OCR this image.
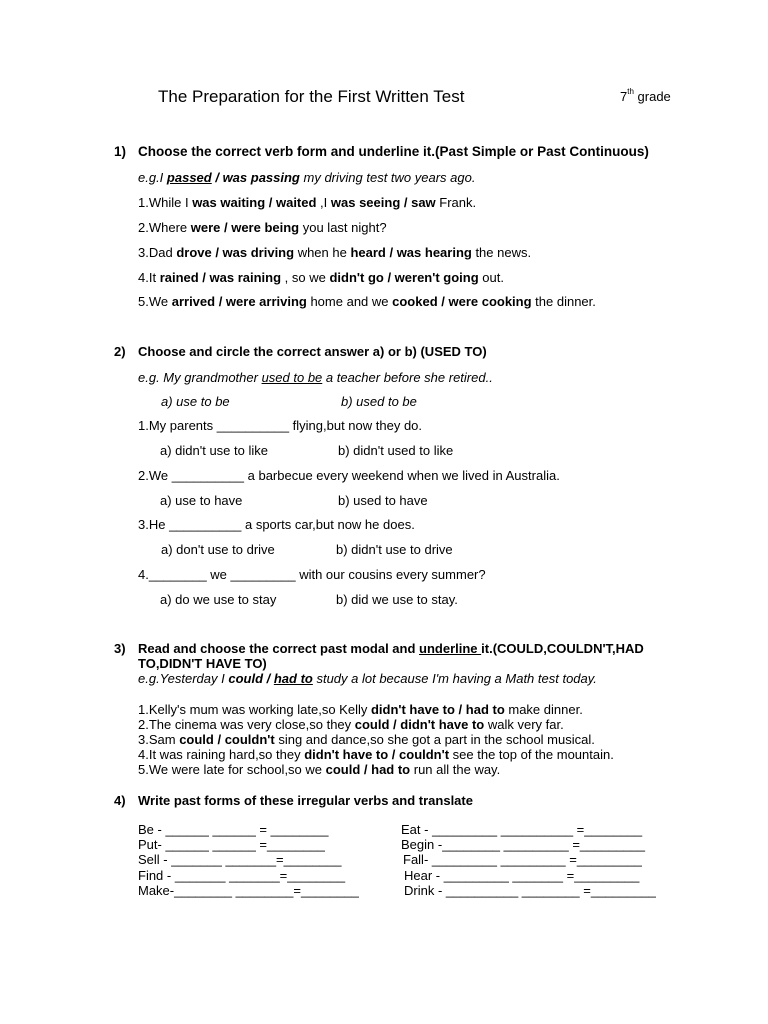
The Preparation for the First Written Test	7th grade
1) Choose the correct verb form and underline it.(Past Simple or Past Continuous)
e.g.I passed / was passing my driving test two years ago.
1.While I was waiting / waited ,I was seeing / saw Frank.
2.Where were / were being you last night?
3.Dad drove / was driving when he heard / was hearing the news.
4.It rained / was raining , so we didn't go / weren't going out.
5.We arrived / were arriving home and we cooked / were cooking the dinner.
2) Choose and circle the correct answer a) or b) (USED TO)
e.g. My grandmother used to be a teacher before she retired..
a) use to be	b) used to be
1.My parents __________ flying,but now they do.
a) didn't use to like	b) didn't used to like
2.We __________ a barbecue every weekend when we lived in Australia.
a) use to have	b) used to have
3.He __________ a sports car,but now he does.
a) don't use to drive	b) didn't use to drive
4.________ we _________ with our cousins every summer?
a) do we use to stay	b) did we use to stay.
3) Read and choose the correct past modal and underline it.(COULD,COULDN'T,HAD
TO,DIDN'T HAVE TO)
e.g.Yesterday I could / had to study a lot because I'm having a Math test today.
1.Kelly's mum was working late,so Kelly didn't have to / had to make dinner.
2.The cinema was very close,so they could / didn't have to walk very far.
3.Sam could / couldn't sing and dance,so she got a part in the school musical.
4.It was raining hard,so they didn't have to / couldn't see the top of the mountain.
5.We were late for school,so we could / had to run all the way.
4) Write past forms of these irregular verbs and translate
Be - ______ ______ = ________
Put- ______ ______ =________
Sell - _______ _______=________
Find - _______ _______=________
Make-________ ________=________
Eat - _________ __________ =________
Begin -________ _________ =_________
Fall- _________ _________ =_________
Hear - _________ _______ =_________
Drink - __________ ________ =_________
